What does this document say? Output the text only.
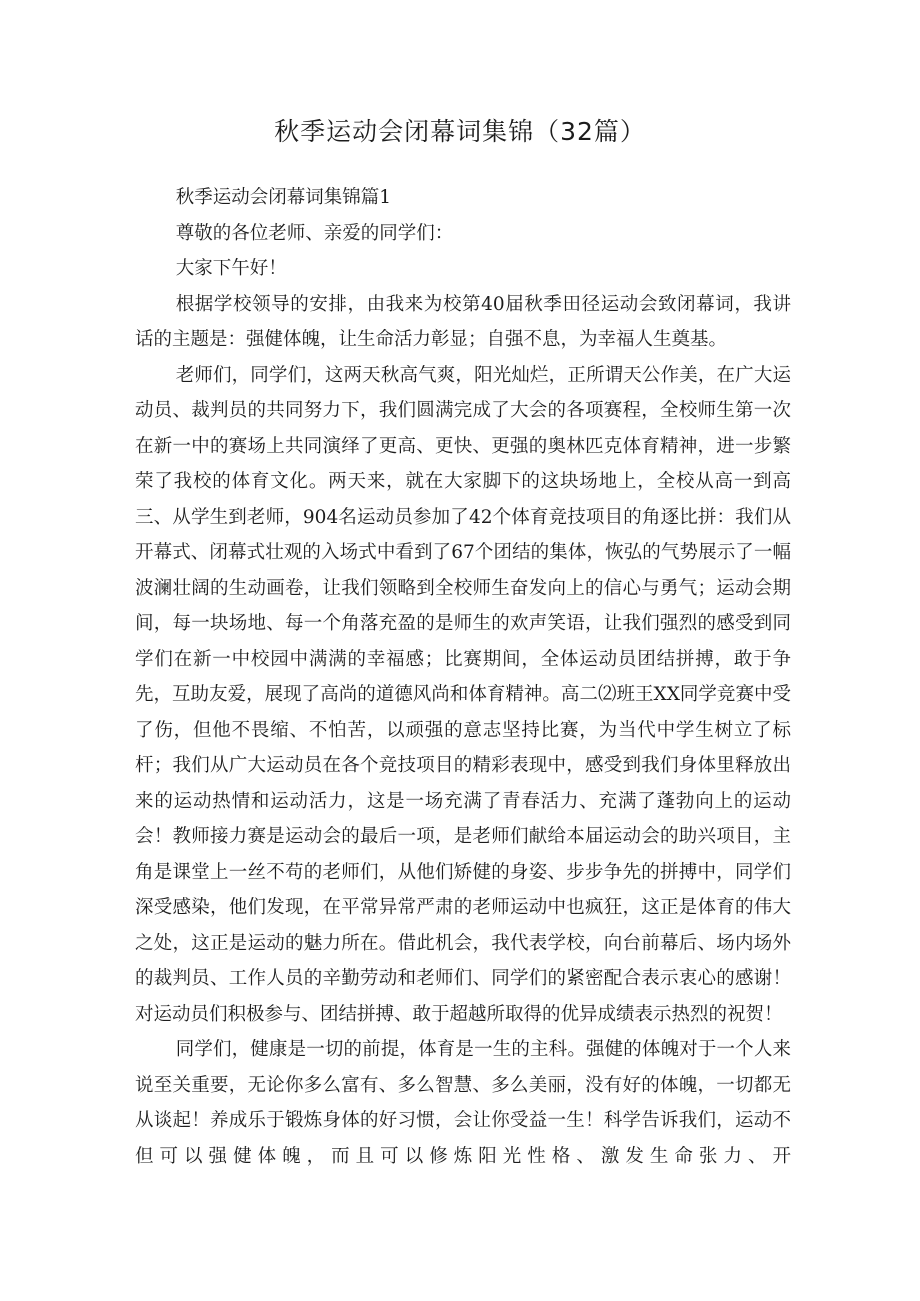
秋季运动会闭幕词集锦（32篇）

秋季运动会闭幕词集锦篇1

尊敬的各位老师、亲爱的同学们：

大家下午好！

根据学校领导的安排，由我来为校第40届秋季田径运动会致闭幕词，我讲话的主题是：强健体魄，让生命活力彰显；自强不息，为幸福人生奠基。

老师们，同学们，这两天秋高气爽，阳光灿烂，正所谓天公作美，在广大运动员、裁判员的共同努力下，我们圆满完成了大会的各项赛程，全校师生第一次在新一中的赛场上共同演绎了更高、更快、更强的奥林匹克体育精神，进一步繁荣了我校的体育文化。两天来，就在大家脚下的这块场地上，全校从高一到高三、从学生到老师，904名运动员参加了42个体育竞技项目的角逐比拼：我们从开幕式、闭幕式壮观的入场式中看到了67个团结的集体，恢弘的气势展示了一幅波澜壮阔的生动画卷，让我们领略到全校师生奋发向上的信心与勇气；运动会期间，每一块场地、每一个角落充盈的是师生的欢声笑语，让我们强烈的感受到同学们在新一中校园中满满的幸福感；比赛期间，全体运动员团结拼搏，敢于争先，互助友爱，展现了高尚的道德风尚和体育精神。高二⑵班王XX同学竞赛中受了伤，但他不畏缩、不怕苦，以顽强的意志坚持比赛，为当代中学生树立了标杆；我们从广大运动员在各个竞技项目的精彩表现中，感受到我们身体里释放出来的运动热情和运动活力，这是一场充满了青春活力、充满了蓬勃向上的运动会！教师接力赛是运动会的最后一项，是老师们献给本届运动会的助兴项目，主角是课堂上一丝不苟的老师们，从他们矫健的身姿、步步争先的拼搏中，同学们深受感染，他们发现，在平常异常严肃的老师运动中也疯狂，这正是体育的伟大之处，这正是运动的魅力所在。借此机会，我代表学校，向台前幕后、场内场外的裁判员、工作人员的辛勤劳动和老师们、同学们的紧密配合表示衷心的感谢！对运动员们积极参与、团结拼搏、敢于超越所取得的优异成绩表示热烈的祝贺！

同学们，健康是一切的前提，体育是一生的主科。强健的体魄对于一个人来说至关重要，无论你多么富有、多么智慧、多么美丽，没有好的体魄，一切都无从谈起！养成乐于锻炼身体的好习惯，会让你受益一生！科学告诉我们，运动不但可以强健体魄，而且可以修炼阳光性格、激发生命张力、开
